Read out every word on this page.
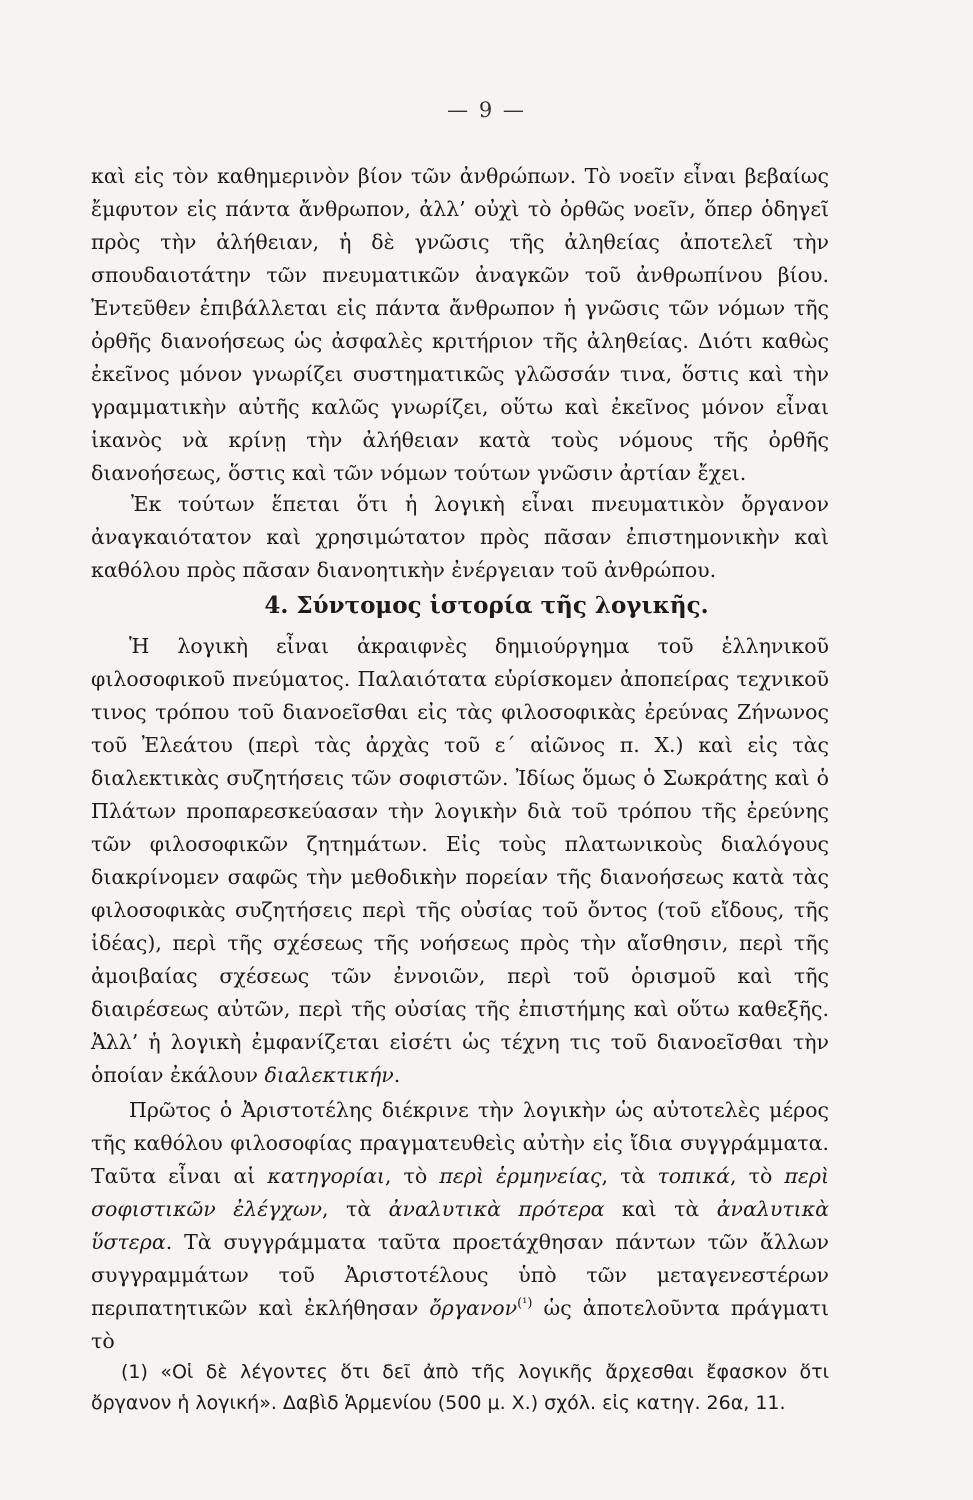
— 9 —

καὶ εἰς τὸν καθημερινὸν βίον τῶν ἀνθρώπων. Τὸ νοεῖν εἶναι βεβαίως ἔμφυτον εἰς πάντα ἄνθρωπον, ἀλλ’ οὐχὶ τὸ ὀρθῶς νοεῖν, ὅπερ ὁδηγεῖ πρὸς τὴν ἀλήθειαν, ἡ δὲ γνῶσις τῆς ἀληθείας ἀποτελεῖ τὴν σπουδαιοτάτην τῶν πνευματικῶν ἀναγκῶν τοῦ ἀνθρωπίνου βίου. Ἐντεῦθεν ἐπιβάλλεται εἰς πάντα ἄνθρωπον ἡ γνῶσις τῶν νόμων τῆς ὀρθῆς διανοήσεως ὡς ἀσφαλὲς κριτήριον τῆς ἀληθείας. Διότι καθὼς ἐκεῖνος μόνον γνωρίζει συστηματικῶς γλῶσσάν τινα, ὅστις καὶ τὴν γραμματικὴν αὐτῆς καλῶς γνωρίζει, οὕτω καὶ ἐκεῖνος μόνον εἶναι ἱκανὸς νὰ κρίνῃ τὴν ἀλήθειαν κατὰ τοὺς νόμους τῆς ὀρθῆς διανοήσεως, ὅστις καὶ τῶν νόμων τούτων γνῶσιν ἀρτίαν ἔχει.

Ἐκ τούτων ἕπεται ὅτι ἡ λογικὴ εἶναι πνευματικὸν ὄργανον ἀναγκαιότατον καὶ χρησιμώτατον πρὸς πᾶσαν ἐπιστημονικὴν καὶ καθόλου πρὸς πᾶσαν διανοητικὴν ἐνέργειαν τοῦ ἀνθρώπου.

4. Σύντομος ἱστορία τῆς λογικῆς.

Ἡ λογικὴ εἶναι ἀκραιφνὲς δημιούργημα τοῦ ἑλληνικοῦ φιλοσοφικοῦ πνεύματος. Παλαιότατα εὑρίσκομεν ἀποπείρας τεχνικοῦ τινος τρόπου τοῦ διανοεῖσθαι εἰς τὰς φιλοσοφικὰς ἐρεύνας Ζήνωνος τοῦ Ἐλεάτου (περὶ τὰς ἀρχὰς τοῦ ε΄ αἰῶνος π. Χ.) καὶ εἰς τὰς διαλεκτικὰς συζητήσεις τῶν σοφιστῶν. Ἰδίως ὅμως ὁ Σωκράτης καὶ ὁ Πλάτων προπαρεσκεύασαν τὴν λογικὴν διὰ τοῦ τρόπου τῆς ἐρεύνης τῶν φιλοσοφικῶν ζητημάτων. Εἰς τοὺς πλατωνικοὺς διαλόγους διακρίνομεν σαφῶς τὴν μεθοδικὴν πορείαν τῆς διανοήσεως κατὰ τὰς φιλοσοφικὰς συζητήσεις περὶ τῆς οὐσίας τοῦ ὄντος (τοῦ εἴδους, τῆς ἰδέας), περὶ τῆς σχέσεως τῆς νοήσεως πρὸς τὴν αἴσθησιν, περὶ τῆς ἀμοιβαίας σχέσεως τῶν ἐννοιῶν, περὶ τοῦ ὁρισμοῦ καὶ τῆς διαιρέσεως αὐτῶν, περὶ τῆς οὐσίας τῆς ἐπιστήμης καὶ οὕτω καθεξῆς. Ἀλλ’ ἡ λογικὴ ἐμφανίζεται εἰσέτι ὡς τέχνη τις τοῦ διανοεῖσθαι τὴν ὁποίαν ἐκάλουν διαλεκτικήν.

Πρῶτος ὁ Ἀριστοτέλης διέκρινε τὴν λογικὴν ὡς αὐτοτελὲς μέρος τῆς καθόλου φιλοσοφίας πραγματευθεὶς αὐτὴν εἰς ἴδια συγγράμματα. Ταῦτα εἶναι αἱ κατηγορίαι, τὸ περὶ ἑρμηνείας, τὰ τοπικά, τὸ περὶ σοφιστικῶν ἐλέγχων, τὰ ἀναλυτικὰ πρότερα καὶ τὰ ἀναλυτικὰ ὕστερα. Τὰ συγγράμματα ταῦτα προετάχθησαν πάντων τῶν ἄλλων συγγραμμάτων τοῦ Ἀριστοτέλους ὑπὸ τῶν μεταγενεστέρων περιπατητικῶν καὶ ἐκλήθησαν ὄργανον$^{(^1)}$ ὡς ἀποτελοῦντα πράγματι τὸ

(1) «Οἱ δὲ λέγοντες ὅτι δεῖ ἀπὸ τῆς λογικῆς ἄρχεσθαι ἔφασκον ὅτι ὄργανον ἡ λογική». Δαβὶδ Ἁρμενίου (500 μ. Χ.) σχόλ. εἰς κατηγ. 26α, 11.
